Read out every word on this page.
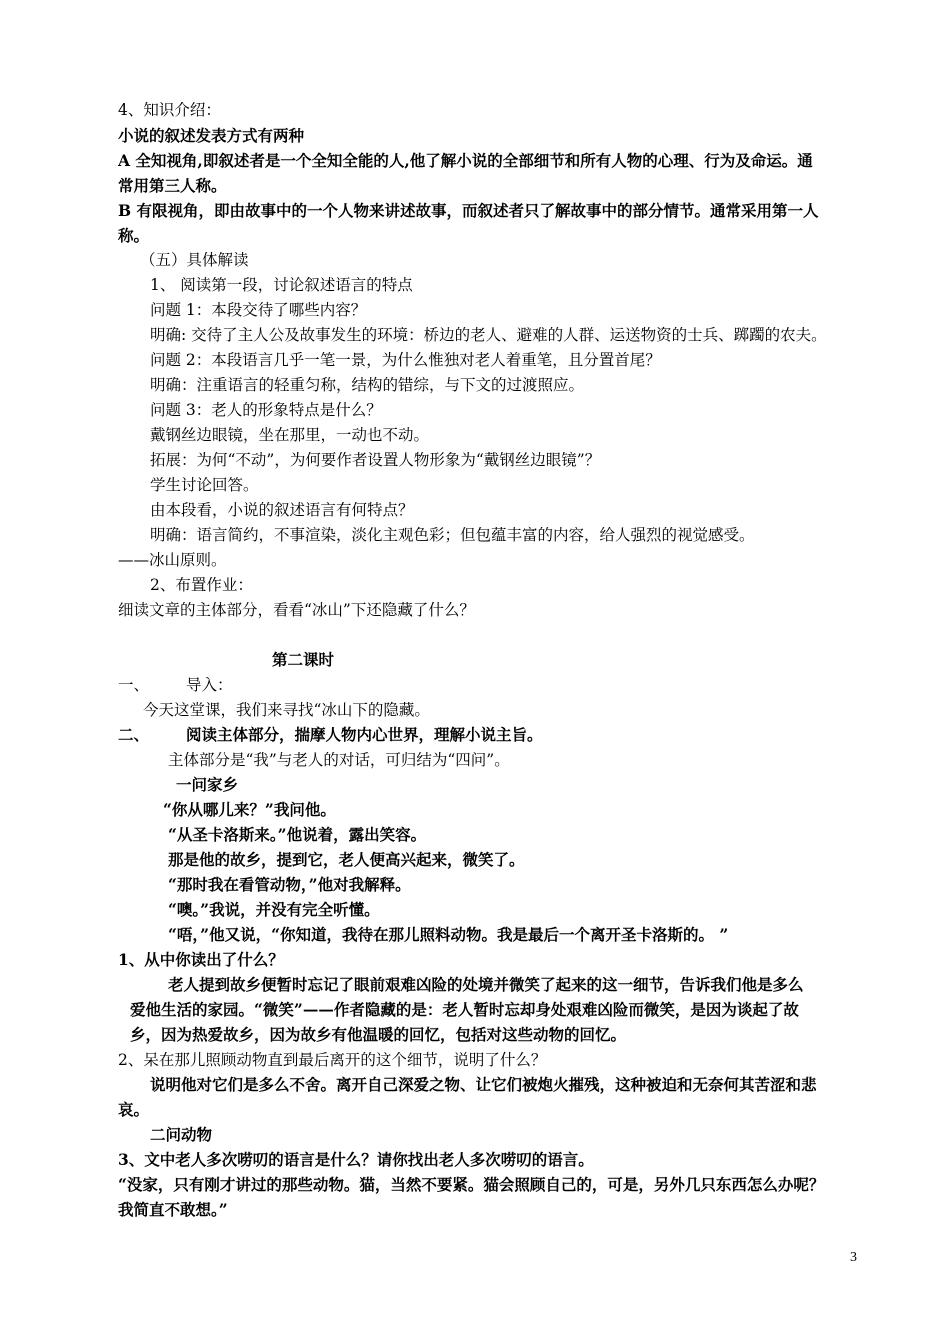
4、知识介绍：
小说的叙述发表方式有两种
A 全知视角,即叙述者是一个全知全能的人,他了解小说的全部细节和所有人物的心理、行为及命运。通
常用第三人称。
B 有限视角，即由故事中的一个人物来讲述故事，而叙述者只了解故事中的部分情节。通常采用第一人
称。
（五）具体解读
1、 阅读第一段，讨论叙述语言的特点
问题 1：本段交待了哪些内容？
明确: 交待了主人公及故事发生的环境：桥边的老人、避难的人群、运送物资的士兵、踯躅的农夫。
问题 2：本段语言几乎一笔一景，为什么惟独对老人着重笔，且分置首尾？
明确：注重语言的轻重匀称，结构的错综，与下文的过渡照应。
问题 3：老人的形象特点是什么？
戴钢丝边眼镜，坐在那里，一动也不动。
拓展：为何“不动”，为何要作者设置人物形象为“戴钢丝边眼镜”？
学生讨论回答。
由本段看，小说的叙述语言有何特点？
明确：语言简约，不事渲染，淡化主观色彩；但包蕴丰富的内容，给人强烈的视觉感受。
——冰山原则。
2、布置作业：
细读文章的主体部分，看看“冰山”下还隐藏了什么？
第二课时
一、 导入：
今天这堂课，我们来寻找“冰山下的隐藏。
二、 阅读主体部分，揣摩人物内心世界，理解小说主旨。
主体部分是“我”与老人的对话，可归结为“四问”。
一问家乡
“你从哪儿来？”我问他。
“从圣卡洛斯来。”他说着，露出笑容。
那是他的故乡，提到它，老人便高兴起来，微笑了。
“那时我在看管动物，”他对我解释。
“噢。”我说，并没有完全听懂。
“唔，”他又说，“你知道，我待在那儿照料动物。我是最后一个离开圣卡洛斯的。 ”
1、从中你读出了什么？
老人提到故乡便暂时忘记了眼前艰难凶险的处境并微笑了起来的这一细节，告诉我们他是多么
爱他生活的家园。“微笑”——作者隐藏的是：老人暂时忘却身处艰难凶险而微笑，是因为谈起了故
乡，因为热爱故乡，因为故乡有他温暖的回忆，包括对这些动物的回忆。
2、呆在那儿照顾动物直到最后离开的这个细节，说明了什么？
说明他对它们是多么不舍。离开自己深爱之物、让它们被炮火摧残，这种被迫和无奈何其苦涩和悲
哀。
二问动物
3、文中老人多次唠叨的语言是什么？请你找出老人多次唠叨的语言。
“没家，只有刚才讲过的那些动物。猫，当然不要紧。猫会照顾自己的，可是，另外几只东西怎么办呢？
我简直不敢想。”
3
